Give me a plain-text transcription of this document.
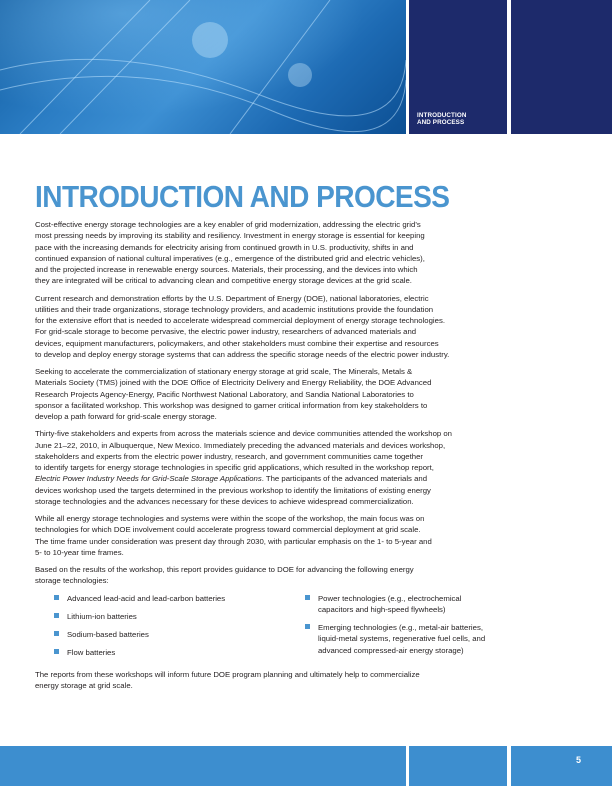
INTRODUCTION
AND PROCESS
INTRODUCTION AND PROCESS

Cost-effective energy storage technologies are a key enabler of grid modernization, addressing the electric grid’s
most pressing needs by improving its stability and resiliency. Investment in energy storage is essential for keeping
pace with the increasing demands for electricity arising from continued growth in U.S. productivity, shifts in and
continued expansion of national cultural imperatives (e.g., emergence of the distributed grid and electric vehicles),
and the projected increase in renewable energy sources. Materials, their processing, and the devices into which
they are integrated will be critical to advancing clean and competitive energy storage devices at the grid scale.

Current research and demonstration efforts by the U.S. Department of Energy (DOE), national laboratories, electric
utilities and their trade organizations, storage technology providers, and academic institutions provide the foundation
for the extensive effort that is needed to accelerate widespread commercial deployment of energy storage technologies.
For grid-scale storage to become pervasive, the electric power industry, researchers of advanced materials and
devices, equipment manufacturers, policymakers, and other stakeholders must combine their expertise and resources
to develop and deploy energy storage systems that can address the specific storage needs of the electric power industry.

Seeking to accelerate the commercialization of stationary energy storage at grid scale, The Minerals, Metals &
Materials Society (TMS) joined with the DOE Office of Electricity Delivery and Energy Reliability, the DOE Advanced
Research Projects Agency-Energy, Pacific Northwest National Laboratory, and Sandia National Laboratories to
sponsor a facilitated workshop. This workshop was designed to garner critical information from key stakeholders to
develop a path forward for grid-scale energy storage.

Thirty-five stakeholders and experts from across the materials science and device communities attended the workshop on
June 21–22, 2010, in Albuquerque, New Mexico. Immediately preceding the advanced materials and devices workshop,
stakeholders and experts from the electric power industry, research, and government communities came together
to identify targets for energy storage technologies in specific grid applications, which resulted in the workshop report,
Electric Power Industry Needs for Grid-Scale Storage Applications. The participants of the advanced materials and
devices workshop used the targets determined in the previous workshop to identify the limitations of existing energy
storage technologies and the advances necessary for these devices to achieve widespread commercialization.

While all energy storage technologies and systems were within the scope of the workshop, the main focus was on
technologies for which DOE involvement could accelerate progress toward commercial deployment at grid scale.
The time frame under consideration was present day through 2030, with particular emphasis on the 1- to 5-year and
5- to 10-year time frames.

Based on the results of the workshop, this report provides guidance to DOE for advancing the following energy
storage technologies:

Advanced lead-acid and lead-carbon batteries
Lithium-ion batteries
Sodium-based batteries
Flow batteries
Power technologies (e.g., electrochemical
capacitors and high-speed flywheels)
Emerging technologies (e.g., metal-air batteries,
liquid-metal systems, regenerative fuel cells, and
advanced compressed-air energy storage)

The reports from these workshops will inform future DOE program planning and ultimately help to commercialize
energy storage at grid scale.

5
